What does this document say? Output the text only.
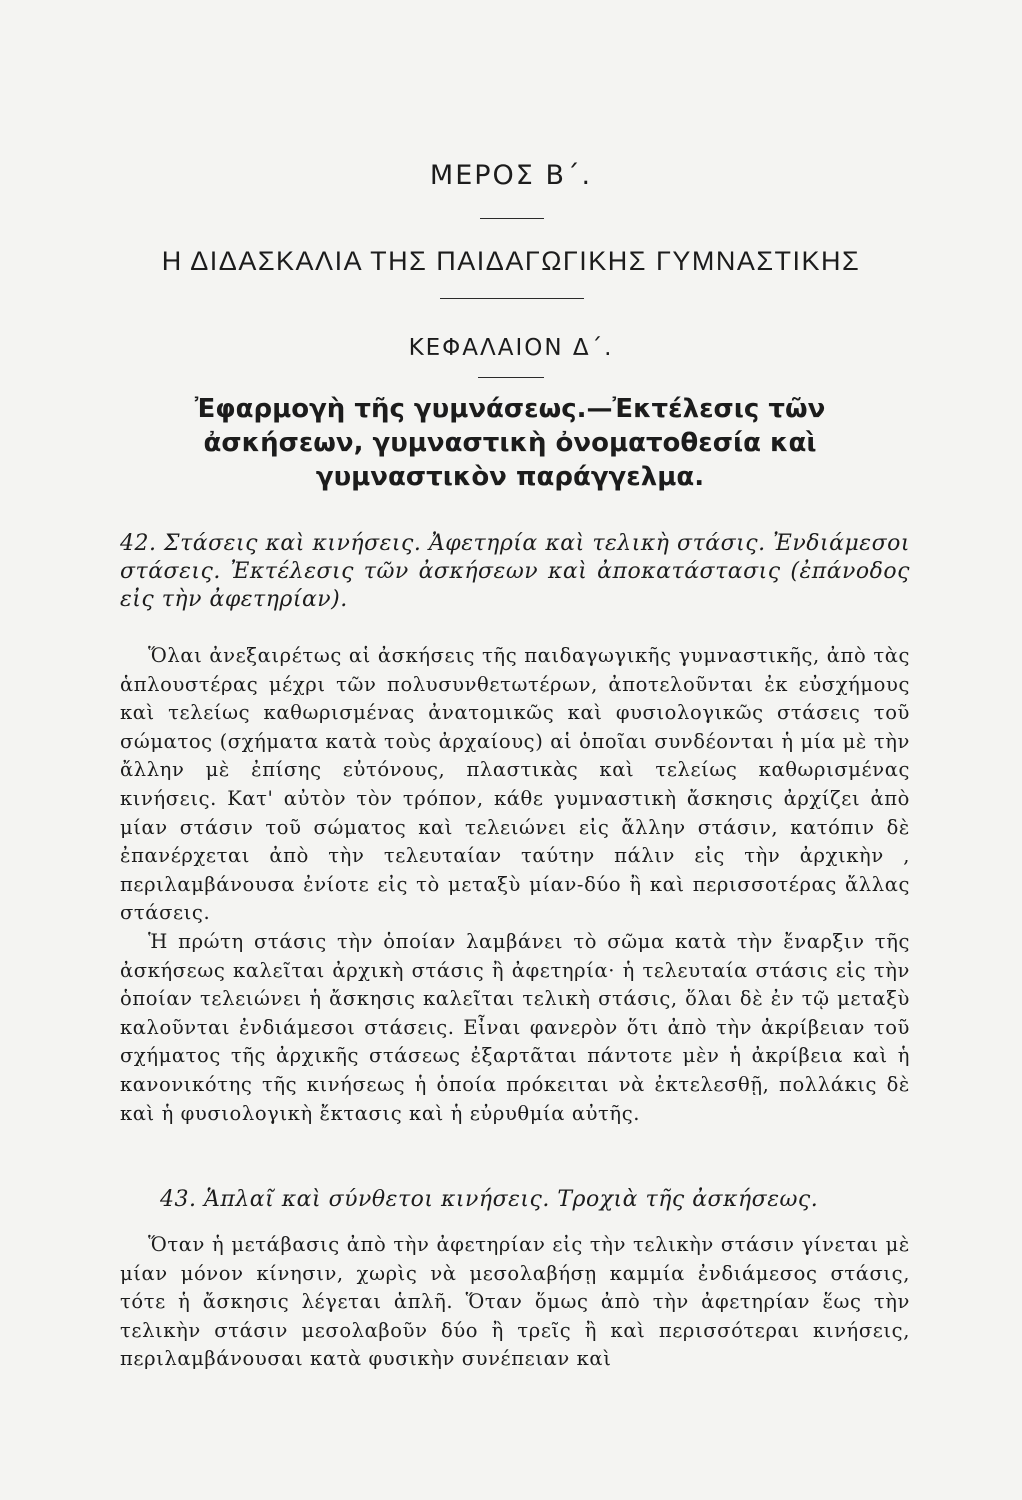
ΜΕΡΟΣ Β΄.
Η ΔΙΔΑΣΚΑΛΙΑ ΤΗΣ ΠΑΙΔΑΓΩΓΙΚΗΣ ΓΥΜΝΑΣΤΙΚΗΣ
ΚΕΦΑΛΑΙΟΝ Δ΄.
Ἐφαρμογὴ τῆς γυμνάσεως.—Ἐκτέλεσις τῶν ἀσκήσεων, γυμναστικὴ ὀνοματοθεσία καὶ γυμναστικὸν παράγγελμα.

42. Στάσεις καὶ κινήσεις. Ἀφετηρία καὶ τελικὴ στάσις. Ἐνδιάμεσοι στάσεις. Ἐκτέλεσις τῶν ἀσκήσεων καὶ ἀποκατάστασις (ἐπάνοδος εἰς τὴν ἀφετηρίαν).

Ὅλαι ἀνεξαιρέτως αἱ ἀσκήσεις τῆς παιδαγωγικῆς γυμναστικῆς, ἀπὸ τὰς ἁπλουστέρας μέχρι τῶν πολυσυνθετωτέρων, ἀποτελοῦνται ἐκ εὐσχήμους καὶ τελείως καθωρισμένας ἀνατομικῶς καὶ φυσιολογικῶς στάσεις τοῦ σώματος (σχήματα κατὰ τοὺς ἀρχαίους) αἱ ὁποῖαι συνδέονται ἡ μία μὲ τὴν ἄλλην μὲ ἐπίσης εὐτόνους, πλαστικὰς καὶ τελείως καθωρισμένας κινήσεις. Κατ' αὐτὸν τὸν τρόπον, κάθε γυμναστικὴ ἄσκησις ἀρχίζει ἀπὸ μίαν στάσιν τοῦ σώματος καὶ τελειώνει εἰς ἄλλην στάσιν, κατόπιν δὲ ἐπανέρχεται ἀπὸ τὴν τελευταίαν ταύτην πάλιν εἰς τὴν ἀρχικὴν , περιλαμβάνουσα ἐνίοτε εἰς τὸ μεταξὺ μίαν-δύο ἢ καὶ περισσοτέρας ἄλλας στάσεις.

Ἡ πρώτη στάσις τὴν ὁποίαν λαμβάνει τὸ σῶμα κατὰ τὴν ἔναρξιν τῆς ἀσκήσεως καλεῖται ἀρχικὴ στάσις ἢ ἀφετηρία· ἡ τελευταία στάσις εἰς τὴν ὁποίαν τελειώνει ἡ ἄσκησις καλεῖται τελικὴ στάσις, ὅλαι δὲ ἐν τῷ μεταξὺ καλοῦνται ἐνδιάμεσοι στάσεις. Εἶναι φανερὸν ὅτι ἀπὸ τὴν ἀκρίβειαν τοῦ σχήματος τῆς ἀρχικῆς στάσεως ἐξαρτᾶται πάντοτε μὲν ἡ ἀκρίβεια καὶ ἡ κανονικότης τῆς κινήσεως ἡ ὁποία πρόκειται νὰ ἐκτελεσθῇ, πολλάκις δὲ καὶ ἡ φυσιολογικὴ ἔκτασις καὶ ἡ εὐρυθμία αὐτῆς.

43. Ἁπλαῖ καὶ σύνθετοι κινήσεις. Τροχιὰ τῆς ἀσκήσεως.

Ὅταν ἡ μετάβασις ἀπὸ τὴν ἀφετηρίαν εἰς τὴν τελικὴν στάσιν γίνεται μὲ μίαν μόνον κίνησιν, χωρὶς νὰ μεσολαβήσῃ καμμία ἐνδιάμεσος στάσις, τότε ἡ ἄσκησις λέγεται ἁπλῆ. Ὅταν ὅμως ἀπὸ τὴν ἀφετηρίαν ἕως τὴν τελικὴν στάσιν μεσολαβοῦν δύο ἢ τρεῖς ἢ καὶ περισσότεραι κινήσεις, περιλαμβάνουσαι κατὰ φυσικὴν συνέπειαν καὶ
